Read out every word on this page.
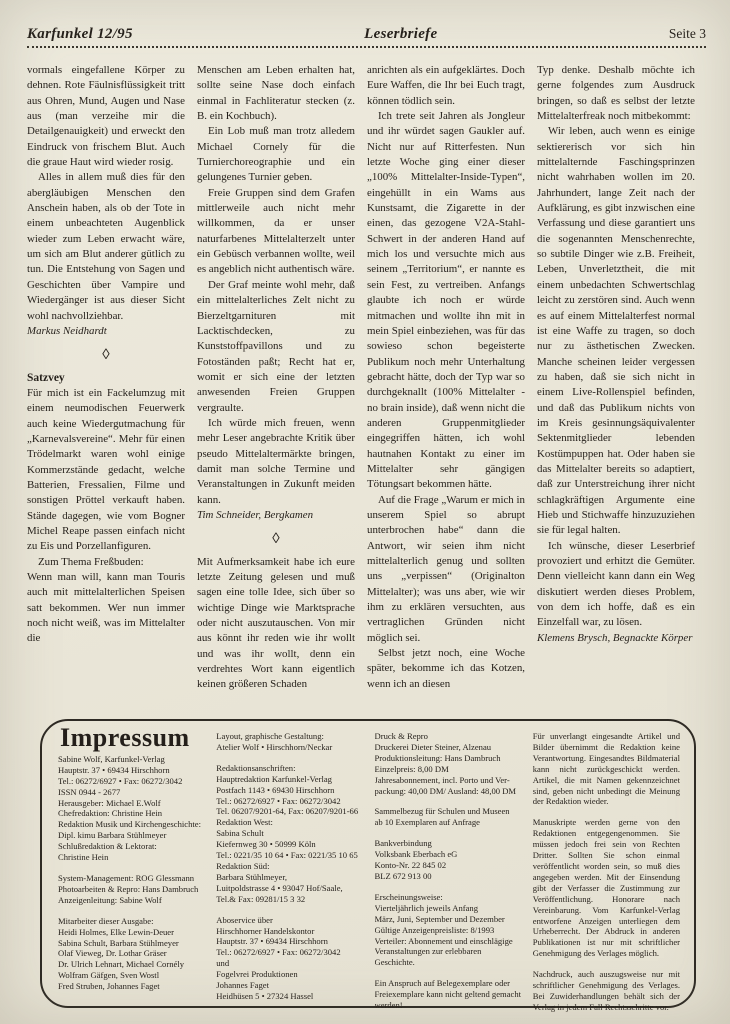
Karfunkel 12/95	Leserbriefe	Seite 3
vormals eingefallene Körper zu dehnen. Rote Fäulnisflüssigkeit tritt aus Ohren, Mund, Augen und Nase aus (man verzeihe mir die Detailgenauigkeit) und erweckt den Eindruck von frischem Blut. Auch die graue Haut wird wieder rosig.
Alles in allem muß dies für den abergläubigen Menschen den Anschein haben, als ob der Tote in einem unbeachteten Augenblick wieder zum Leben erwacht wäre, um sich am Blut anderer gütlich zu tun. Die Entstehung von Sagen und Geschichten über Vampire und Wiedergänger ist aus dieser Sicht wohl nachvollziehbar.
Markus Neidhardt
◊
Satzvey
Für mich ist ein Fackelumzug mit einem neumodischen Feuerwerk auch keine Wiedergutmachung für „Karnevalsvereine“. Mehr für einen Trödelmarkt waren wohl einige Kommerzstände gedacht, welche Batterien, Fressalien, Filme und sonstigen Pröttel verkauft haben. Stände dagegen, wie vom Bogner Michel Reape passen einfach nicht zu Eis und Porzellanfiguren.
Zum Thema Freßbuden:
Wenn man will, kann man Touris auch mit mittelalterlichen Speisen satt bekommen. Wer nun immer noch nicht weiß, was im Mittelalter die
Menschen am Leben erhalten hat, sollte seine Nase doch einfach einmal in Fachliteratur stecken (z. B. ein Kochbuch).
Ein Lob muß man trotz alledem Michael Cornely für die Turnierchoreographie und ein gelungenes Turnier geben.
Freie Gruppen sind dem Grafen mittlerweile auch nicht mehr willkommen, da er unser naturfarbenes Mittelalterzelt unter ein Gebüsch verbannen wollte, weil es angeblich nicht authentisch wäre.
Der Graf meinte wohl mehr, daß ein mittelalterliches Zelt nicht zu Bierzeltgarnituren mit Lacktischdecken, zu Kunststoffpavillons und zu Fotoständen paßt; Recht hat er, womit er sich eine der letzten anwesenden Freien Gruppen vergraulte.
Ich würde mich freuen, wenn mehr Leser angebrachte Kritik über pseudo Mittelaltermärkte bringen, damit man solche Termine und Veranstaltungen in Zukunft meiden kann.
Tim Schneider, Bergkamen
◊
Mit Aufmerksamkeit habe ich eure letzte Zeitung gelesen und muß sagen eine tolle Idee, sich über so wichtige Dinge wie Marktsprache oder nicht auszutauschen. Von mir aus könnt ihr reden wie ihr wollt und was ihr wollt, denn ein verdrehtes Wort kann eigentlich keinen größeren Schaden
anrichten als ein aufgeklärtes. Doch Eure Waffen, die Ihr bei Euch tragt, können tödlich sein.
Ich trete seit Jahren als Jongleur und ihr würdet sagen Gaukler auf. Nicht nur auf Ritterfesten. Nun letzte Woche ging einer dieser „100% Mittelalter-Inside-Typen“, eingehüllt in ein Wams aus Kunstsamt, die Zigarette in der einen, das gezogene V2A-Stahl-Schwert in der anderen Hand auf mich los und versuchte mich aus seinem „Territorium“, er nannte es sein Fest, zu vertreiben. Anfangs glaubte ich noch er würde mitmachen und wollte ihn mit in mein Spiel einbeziehen, was für das sowieso schon begeisterte Publikum noch mehr Unterhaltung gebracht hätte, doch der Typ war so durchgeknallt (100% Mittelalter - no brain inside), daß wenn nicht die anderen Gruppenmitglieder eingegriffen hätten, ich wohl hautnahen Kontakt zu einer im Mittelalter sehr gängigen Tötungsart bekommen hätte.
Auf die Frage „Warum er mich in unserem Spiel so abrupt unterbrochen habe“ dann die Antwort, wir seien ihm nicht mittelalterlich genug und sollten uns „verpissen“ (Originalton Mittelalter); was uns aber, wie wir ihm zu erklären versuchten, aus vertraglichen Gründen nicht möglich sei.
Selbst jetzt noch, eine Woche später, bekomme ich das Kotzen, wenn ich an diesen
Typ denke. Deshalb möchte ich gerne folgendes zum Ausdruck bringen, so daß es selbst der letzte Mittelalterfreak noch mitbekommt:
Wir leben, auch wenn es einige sektiererisch vor sich hin mittelalternde Faschingsprinzen nicht wahrhaben wollen im 20. Jahrhundert, lange Zeit nach der Aufklärung, es gibt inzwischen eine Verfassung und diese garantiert uns die sogenannten Menschenrechte, so subtile Dinger wie z.B. Freiheit, Leben, Unverletztheit, die mit einem unbedachten Schwertschlag leicht zu zerstören sind. Auch wenn es auf einem Mittelalterfest normal ist eine Waffe zu tragen, so doch nur zu ästhetischen Zwecken. Manche scheinen leider vergessen zu haben, daß sie sich nicht in einem Live-Rollenspiel befinden, und daß das Publikum nichts von im Kreis gesinnungsäquivalenter Sektenmitglieder lebenden Kostümpuppen hat. Oder haben sie das Mittelalter bereits so adaptiert, daß zur Unterstreichung ihrer nicht schlagkräftigen Argumente eine Hieb und Stichwaffe hinzuzuziehen sie für legal halten.
Ich wünsche, dieser Leserbrief provoziert und erhitzt die Gemüter. Denn vielleicht kann dann ein Weg diskutiert werden dieses Problem, von dem ich hoffe, daß es ein Einzelfall war, zu lösen.
Klemens Brysch, Begnackte Körper
Impressum
Sabine Wolf, Karfunkel-Verlag
Hauptstr. 37 • 69434 Hirschhorn
Tel.: 06272/6927 • Fax: 06272/3042
ISSN 0944 - 2677
Herausgeber: Michael E.Wolf
Chefredaktion: Christine Hein
Redaktion Musik und Kirchengeschichte:
Dipl. kimu Barbara Stühlmeyer
Schlußredaktion & Lektorat:
Christine Hein
System-Management: ROG Glessmann
Photoarbeiten & Repro: Hans Dambruch
Anzeigenleitung: Sabine Wolf
Mitarbeiter dieser Ausgabe:
Heidi Holmes, Elke Lewin-Deuer
Sabina Schult, Barbara Stühlmeyer
Olaf Vieweg, Dr. Lothar Gräser
Dr. Ulrich Lehnart, Michael Cornély
Wolfram Gäfgen, Sven Wostl
Fred Struben, Johannes Faget
Layout, graphische Gestaltung:
Atelier Wolf • Hirschhorn/Neckar
Redaktionsanschriften:
Hauptredaktion Karfunkel-Verlag
Postfach 1143 • 69430 Hirschhorn
Tel.: 06272/6927 • Fax: 06272/3042
Tel. 06207/9201-64, Fax: 06207/9201-66
Redaktion West:
Sabina Schult
Kiefernweg 30 • 50999 Köln
Tel.: 0221/35 10 64 • Fax: 0221/35 10 65
Redaktion Süd:
Barbara Stühlmeyer,
Luitpoldstrasse 4 • 93047 Hof/Saale,
Tel.& Fax: 09281/15 3 32
Aboservice über
Hirschhorner Handelskontor
Hauptstr. 37 • 69434 Hirschhorn
Tel.: 06272/6927 • Fax: 06272/3042
und
Fogelvrei Produktionen
Johannes Faget
Heidhüsen 5 • 27324 Hassel
Druck & Repro
Druckerei Dieter Steiner, Alzenau
Produktionsleitung: Hans Dambruch
Einzelpreis: 8,00 DM
Jahresabonnement, incl. Porto und Ver-
packung: 40,00 DM/ Ausland: 48,00 DM
Sammelbezug für Schulen und Museen
ab 10 Exemplaren auf Anfrage
Bankverbindung
Volksbank Eberbach eG
Konto-Nr. 22 845 02
BLZ 672 913 00
Erscheinungsweise:
Vierteljährlich jeweils Anfang
März, Juni, September und Dezember
Gültige Anzeigenpreisliste: 8/1993
Verteiler: Abonnement und einschlägige
Veranstaltungen zur erlebbaren Geschichte.
Ein Anspruch auf Belegexemplare oder
Freiexemplare kann nicht geltend gemacht
werden!
Für unverlangt eingesandte Artikel und Bilder übernimmt die Redaktion keine Verantwortung. Eingesandtes Bildmaterial kann nicht zurückgeschickt werden. Artikel, die mit Namen gekennzeichnet sind, geben nicht unbedingt die Meinung der Redaktion wieder.
Manuskripte werden gerne von den Redaktionen entgegengenommen. Sie müssen jedoch frei sein von Rechten Dritter. Sollten Sie schon einmal veröffentlicht worden sein, so muß dies angegeben werden. Mit der Einsendung gibt der Verfasser die Zustimmung zur Veröffentlichung. Honorare nach Vereinbarung. Vom Karfunkel-Verlag entworfene Anzeigen unterliegen dem Urheberrecht. Der Abdruck in anderen Publikationen ist nur mit schriftlicher Genehmigung des Verlages möglich.
Nachdruck, auch auszugsweise nur mit schriftlicher Genehmigung des Verlages. Bei Zuwiderhandlungen behält sich der Verlag in jedem Fall Rechtsschritte vor.
